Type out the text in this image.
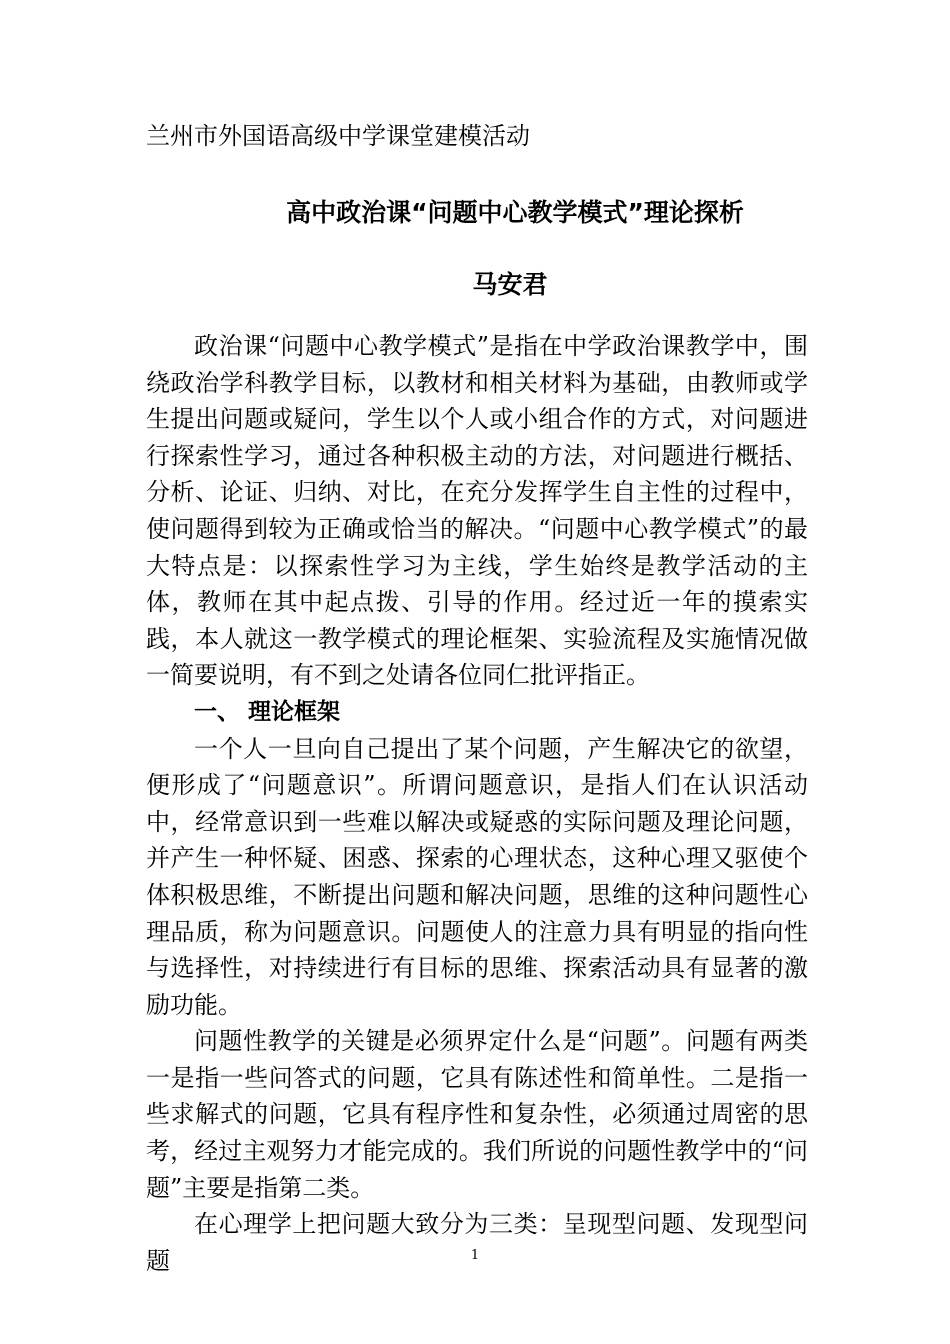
兰州市外国语高级中学课堂建模活动
高中政治课“问题中心教学模式”理论探析
马安君

政治课“问题中心教学模式”是指在中学政治课教学中，围绕政治学科教学目标，以教材和相关材料为基础，由教师或学生提出问题或疑问，学生以个人或小组合作的方式，对问题进行探索性学习，通过各种积极主动的方法，对问题进行概括、分析、论证、归纳、对比，在充分发挥学生自主性的过程中，使问题得到较为正确或恰当的解决。“问题中心教学模式”的最大特点是：以探索性学习为主线，学生始终是教学活动的主体，教师在其中起点拨、引导的作用。经过近一年的摸索实践，本人就这一教学模式的理论框架、实验流程及实施情况做一简要说明，有不到之处请各位同仁批评指正。

一、 理论框架

一个人一旦向自己提出了某个问题，产生解决它的欲望，便形成了“问题意识”。所谓问题意识，是指人们在认识活动中，经常意识到一些难以解决或疑惑的实际问题及理论问题，并产生一种怀疑、困惑、探索的心理状态，这种心理又驱使个体积极思维，不断提出问题和解决问题，思维的这种问题性心理品质，称为问题意识。问题使人的注意力具有明显的指向性与选择性，对持续进行有目标的思维、探索活动具有显著的激励功能。

问题性教学的关键是必须界定什么是“问题”。问题有两类一是指一些问答式的问题，它具有陈述性和简单性。二是指一些求解式的问题，它具有程序性和复杂性，必须通过周密的思考，经过主观努力才能完成的。我们所说的问题性教学中的“问题”主要是指第二类。

在心理学上把问题大致分为三类：呈现型问题、发现型问题	1
